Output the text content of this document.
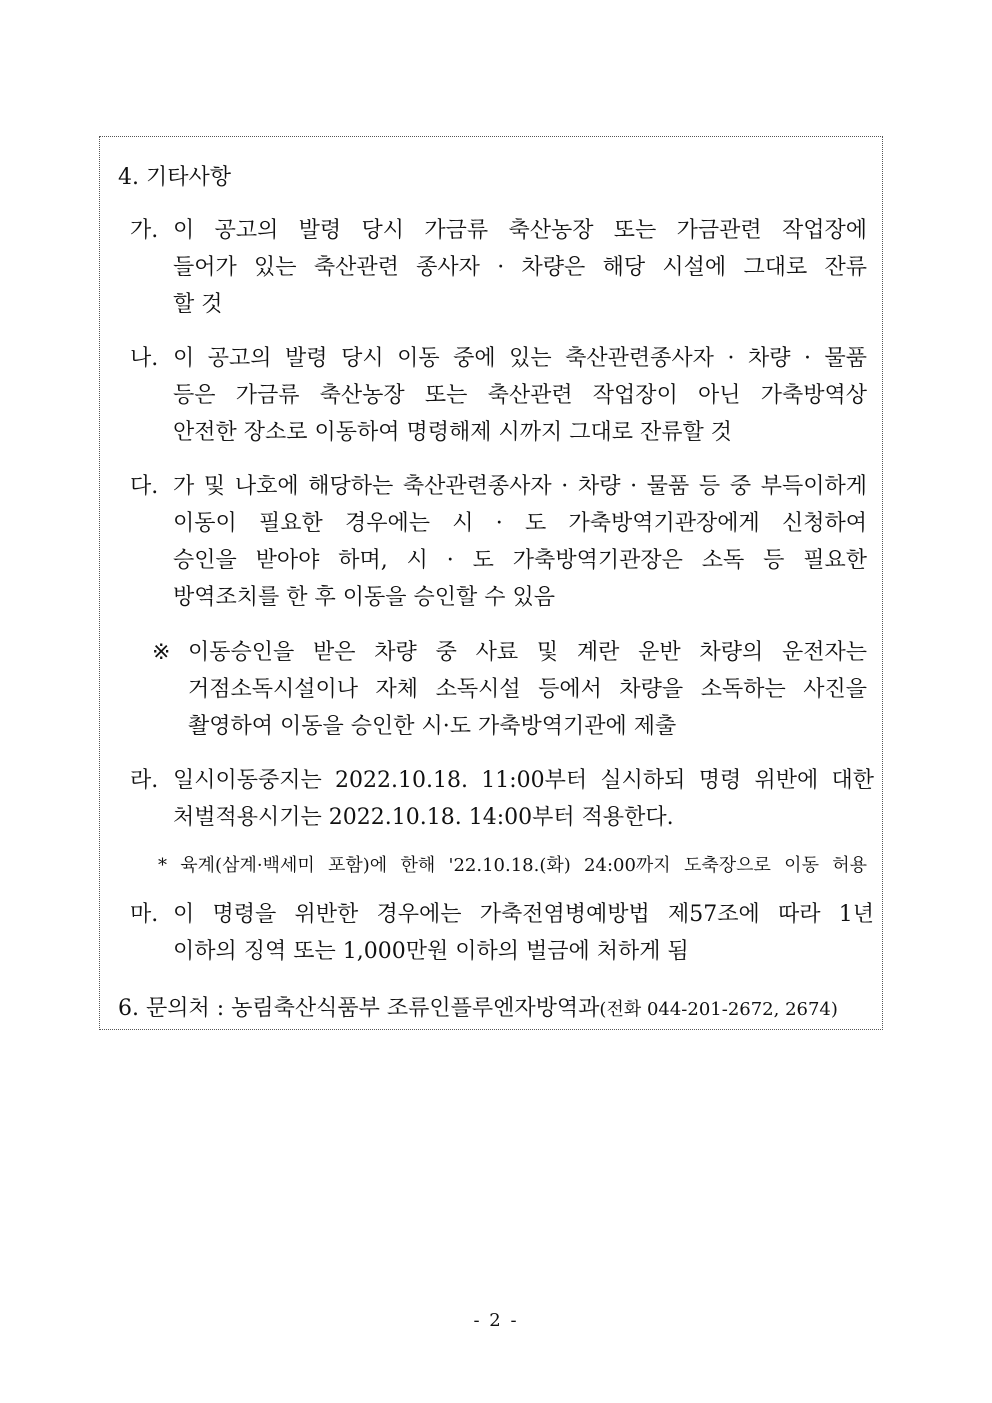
4. 기타사항
가. 이 공고의 발령 당시 가금류 축산농장 또는 가금관련 작업장에
들어가 있는 축산관련 종사자 · 차량은 해당 시설에 그대로 잔류
할 것
나. 이 공고의 발령 당시 이동 중에 있는 축산관련종사자 · 차량 · 물품
등은 가금류 축산농장 또는 축산관련 작업장이 아닌 가축방역상
안전한 장소로 이동하여 명령해제 시까지 그대로 잔류할 것
다. 가 및 나호에 해당하는 축산관련종사자 · 차량 · 물품 등 중 부득이하게
이동이 필요한 경우에는 시 · 도 가축방역기관장에게 신청하여
승인을 받아야 하며, 시 · 도 가축방역기관장은 소독 등 필요한
방역조치를 한 후 이동을 승인할 수 있음
※ 이동승인을 받은 차량 중 사료 및 계란 운반 차량의 운전자는
거점소독시설이나 자체 소독시설 등에서 차량을 소독하는 사진을
촬영하여 이동을 승인한 시·도 가축방역기관에 제출
라. 일시이동중지는 2022.10.18. 11:00부터 실시하되 명령 위반에 대한
처벌적용시기는 2022.10.18. 14:00부터 적용한다.
* 육계(삼계·백세미 포함)에 한해 '22.10.18.(화) 24:00까지 도축장으로 이동 허용
마. 이 명령을 위반한 경우에는 가축전염병예방법 제57조에 따라 1년
이하의 징역 또는 1,000만원 이하의 벌금에 처하게 됨
6. 문의처 : 농림축산식품부 조류인플루엔자방역과(전화 044-201-2672, 2674)
- 2 -
